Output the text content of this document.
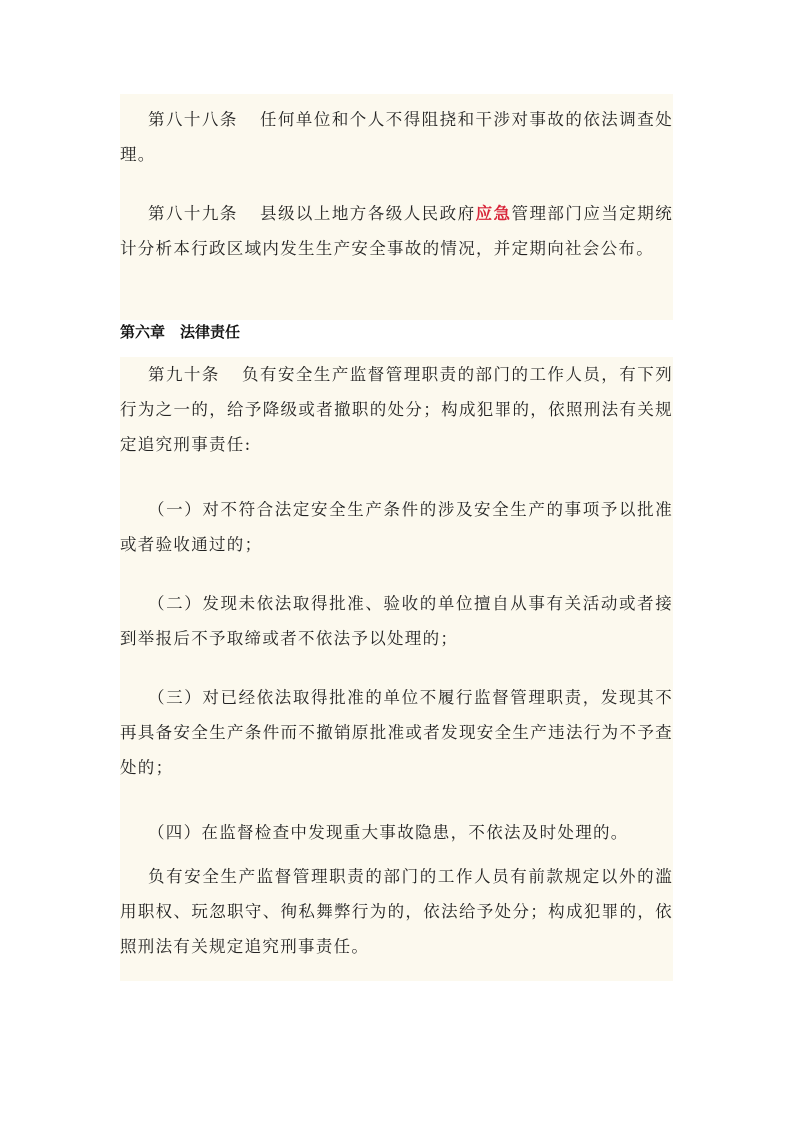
第八十八条 任何单位和个人不得阻挠和干涉对事故的依法调查处理。

第八十九条 县级以上地方各级人民政府应急管理部门应当定期统计分析本行政区域内发生生产安全事故的情况，并定期向社会公布。

第六章　法律责任

第九十条 负有安全生产监督管理职责的部门的工作人员，有下列行为之一的，给予降级或者撤职的处分；构成犯罪的，依照刑法有关规定追究刑事责任:

（一）对不符合法定安全生产条件的涉及安全生产的事项予以批准或者验收通过的；

（二）发现未依法取得批准、验收的单位擅自从事有关活动或者接到举报后不予取缔或者不依法予以处理的；

（三）对已经依法取得批准的单位不履行监督管理职责，发现其不再具备安全生产条件而不撤销原批准或者发现安全生产违法行为不予查处的；

（四）在监督检查中发现重大事故隐患，不依法及时处理的。

负有安全生产监督管理职责的部门的工作人员有前款规定以外的滥用职权、玩忽职守、徇私舞弊行为的，依法给予处分；构成犯罪的，依照刑法有关规定追究刑事责任。
